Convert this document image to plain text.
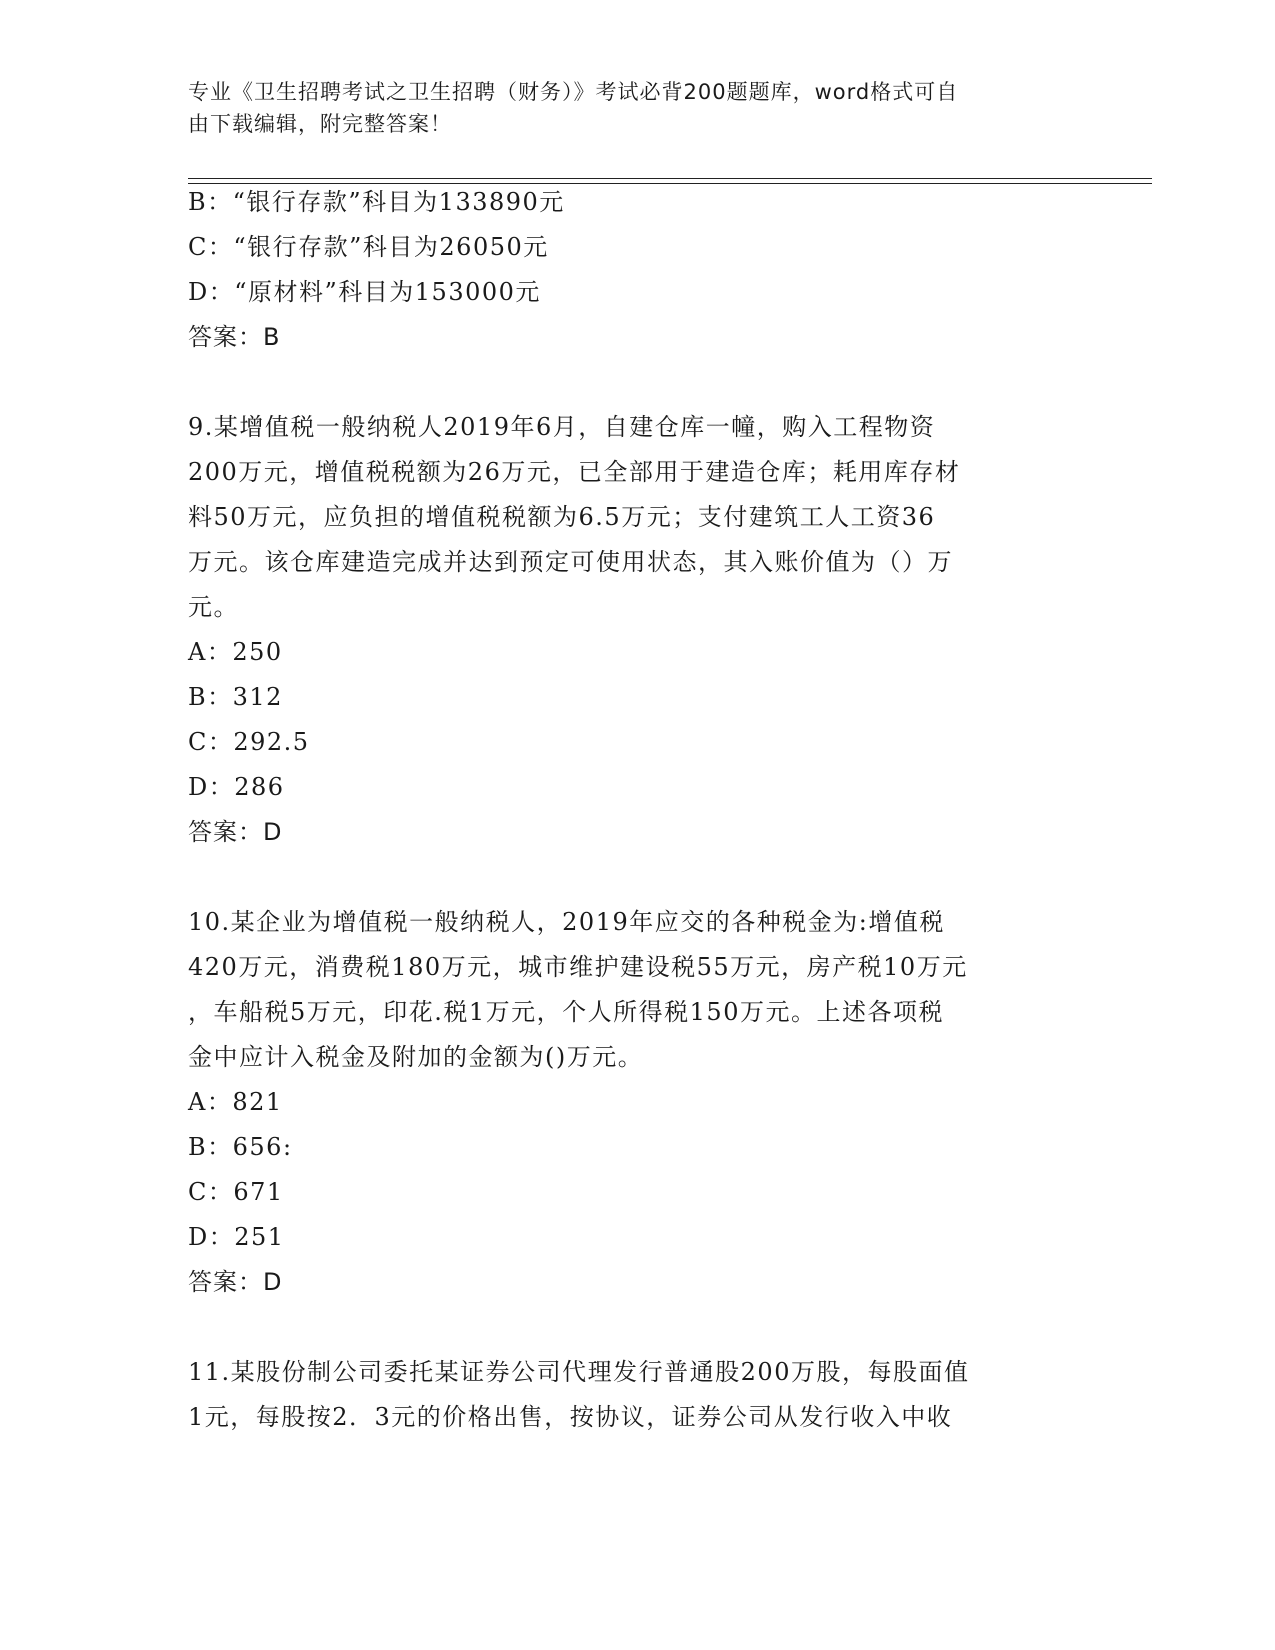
专业《卫生招聘考试之卫生招聘（财务）》考试必背200题题库，word格式可自
由下载编辑，附完整答案！
B：“银行存款”科目为133890元
C：“银行存款”科目为26050元
D：“原材料”科目为153000元
答案：B
9.某增值税一般纳税人2019年6月，自建仓库一幢，购入工程物资
200万元，增值税税额为26万元，已全部用于建造仓库；耗用库存材
料50万元，应负担的增值税税额为6.5万元；支付建筑工人工资36
万元。该仓库建造完成并达到预定可使用状态，其入账价值为（）万
元。
A：250
B：312
C：292.5
D：286
答案：D
10.某企业为增值税一般纳税人，2019年应交的各种税金为:增值税
420万元，消费税180万元，城市维护建设税55万元，房产税10万元
，车船税5万元，印花.税1万元，个人所得税150万元。上述各项税
金中应计入税金及附加的金额为()万元。
A：821
B：656:
C：671
D：251
答案：D
11.某股份制公司委托某证券公司代理发行普通股200万股，每股面值
1元，每股按2．3元的价格出售，按协议，证券公司从发行收入中收
